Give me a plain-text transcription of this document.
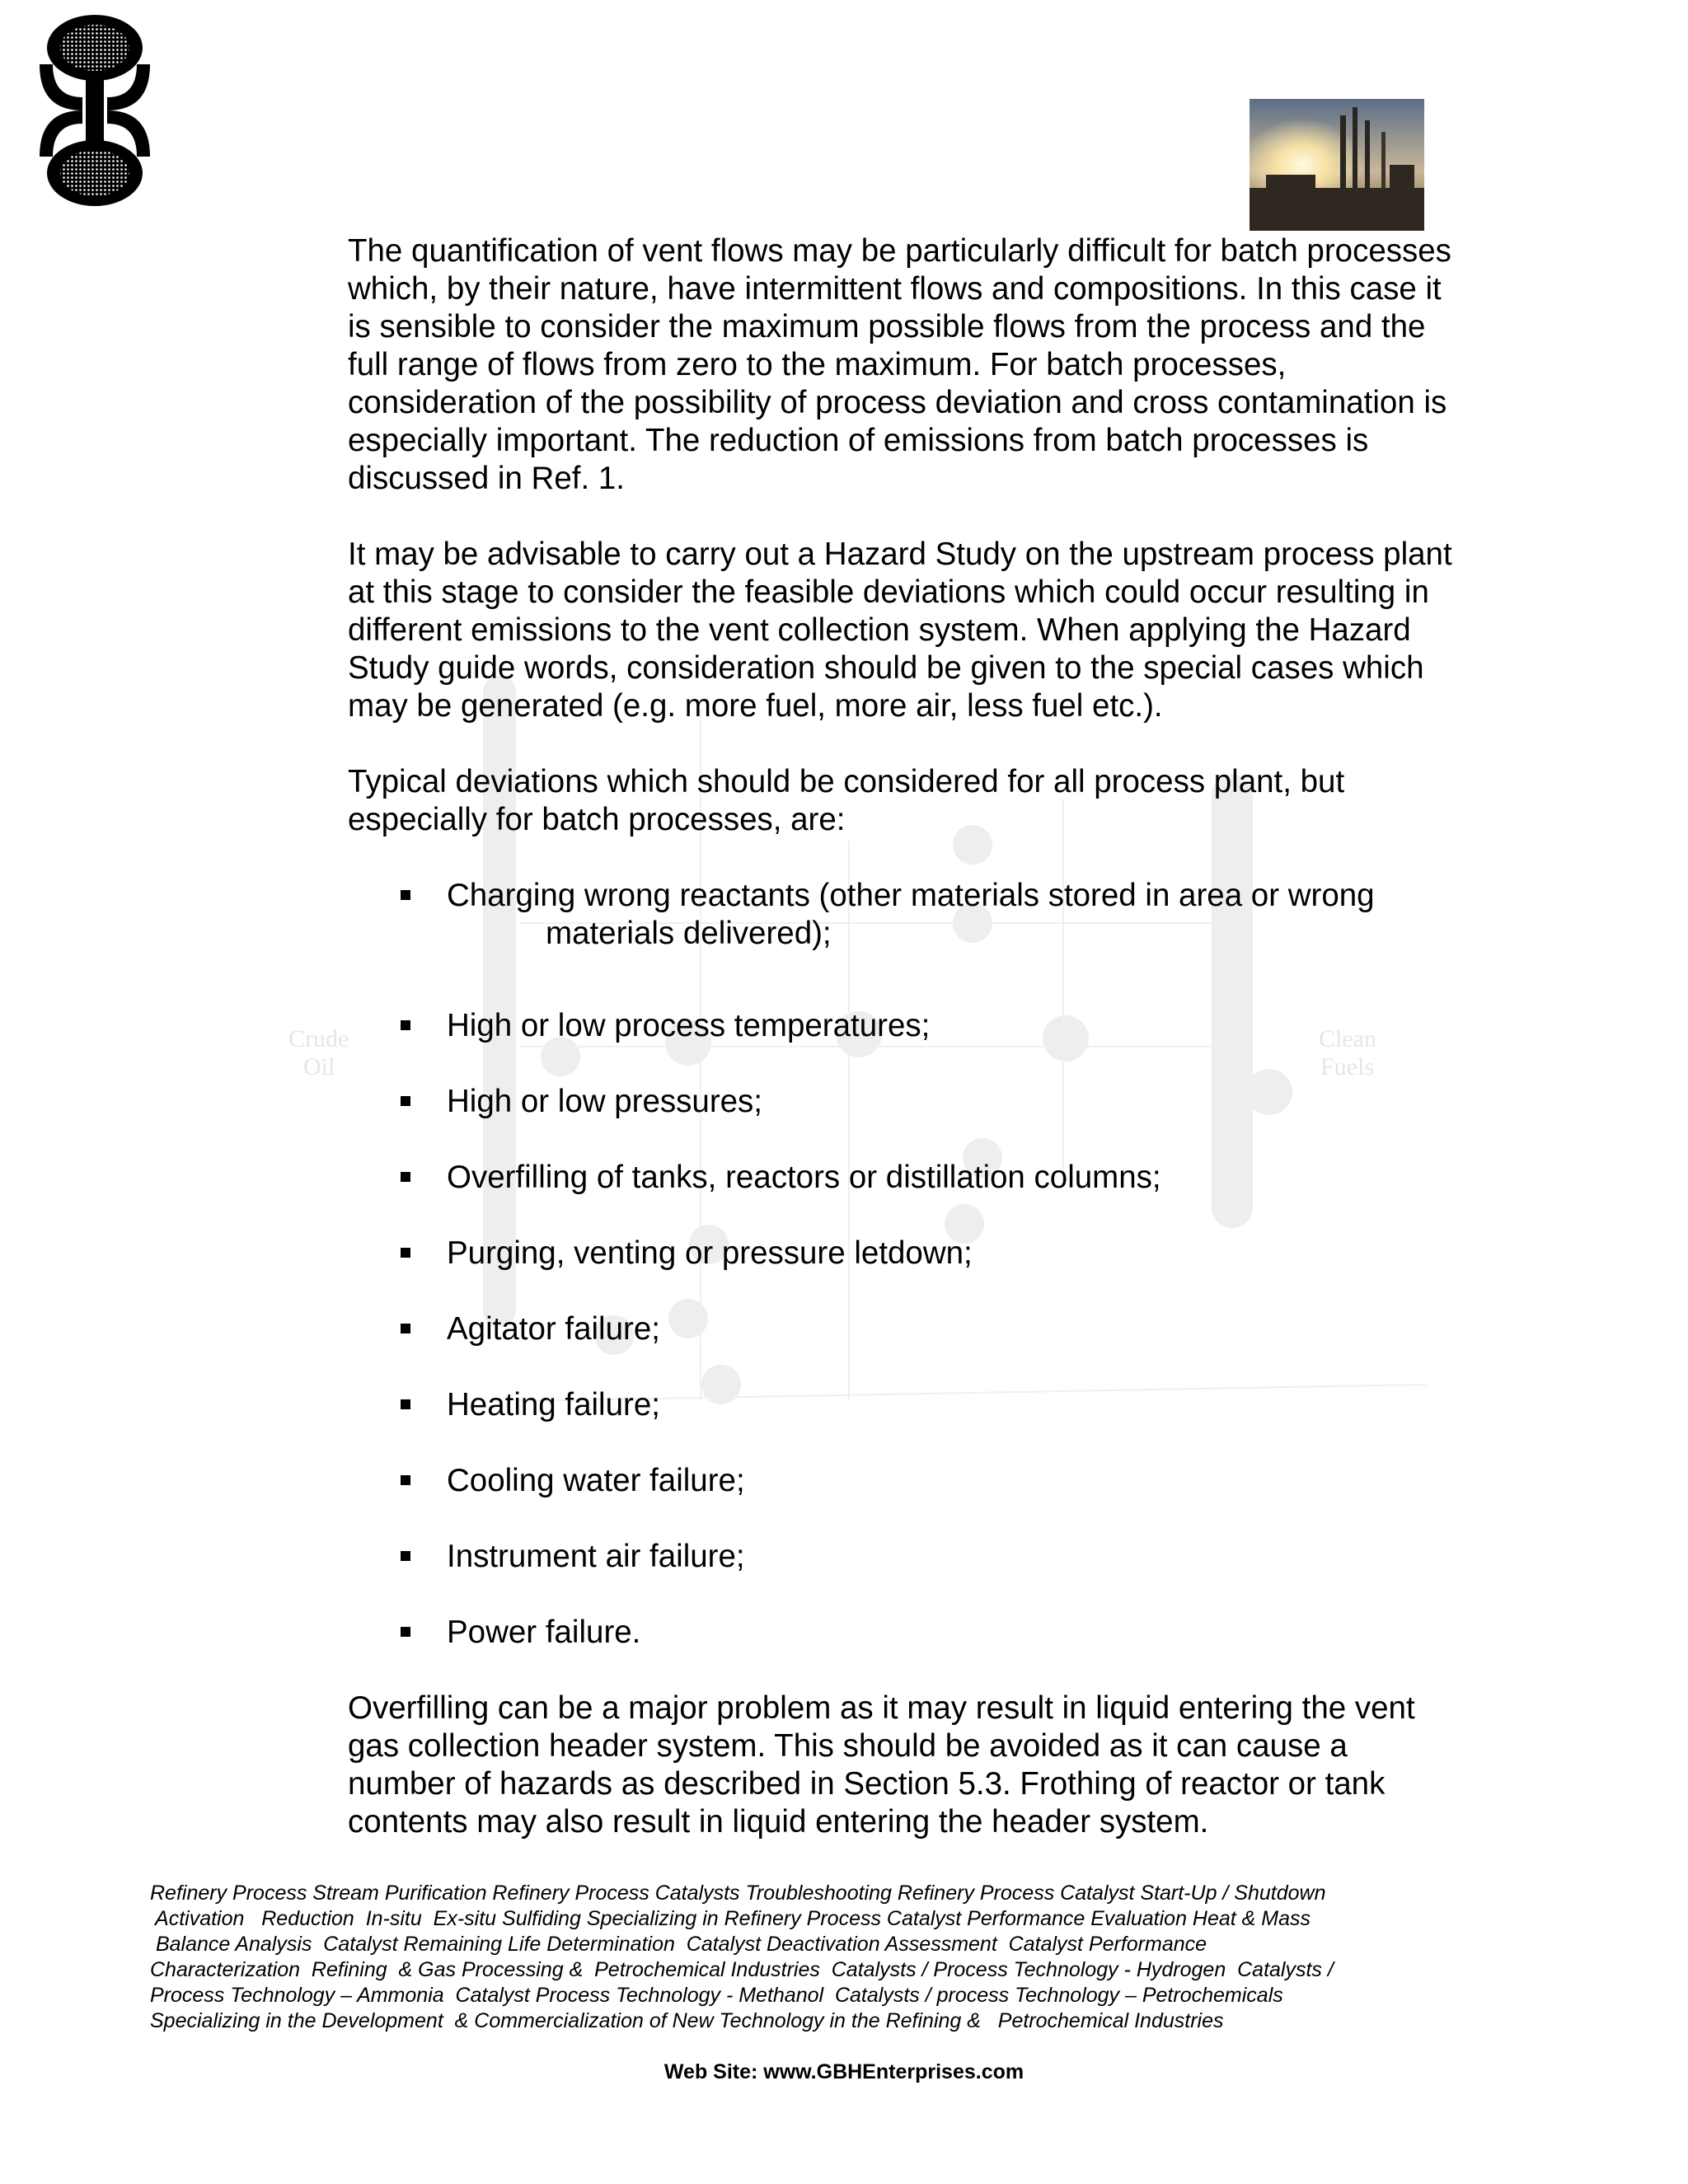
Crude
Oil
Clean
Fuels

The quantification of vent flows may be particularly difficult for batch processes which, by their nature, have intermittent flows and compositions. In this case it is sensible to consider the maximum possible flows from the process and the full range of flows from zero to the maximum. For batch processes, consideration of the possibility of process deviation and cross contamination is especially important. The reduction of emissions from batch processes is discussed in Ref. 1.

It may be advisable to carry out a Hazard Study on the upstream process plant at this stage to consider the feasible deviations which could occur resulting in different emissions to the vent collection system. When applying the Hazard Study guide words, consideration should be given to the special cases which may be generated (e.g. more fuel, more air, less fuel etc.).

Typical deviations which should be considered for all process plant, but especially for batch processes, are:

Charging wrong reactants (other materials stored in area or wrong
materials delivered);
High or low process temperatures;
High or low pressures;
Overfilling of tanks, reactors or distillation columns;
Purging, venting or pressure letdown;
Agitator failure;
Heating failure;
Cooling water failure;
Instrument air failure;
Power failure.

Overfilling can be a major problem as it may result in liquid entering the vent gas collection header system. This should be avoided as it can cause a number of hazards as described in Section 5.3. Frothing of reactor or tank contents may also result in liquid entering the header system.

Refinery Process Stream Purification Refinery Process Catalysts Troubleshooting Refinery Process Catalyst Start-Up / Shutdown
Activation   Reduction  In-situ  Ex-situ Sulfiding Specializing in Refinery Process Catalyst Performance Evaluation Heat & Mass
Balance Analysis  Catalyst Remaining Life Determination  Catalyst Deactivation Assessment  Catalyst Performance
Characterization  Refining  & Gas Processing &  Petrochemical Industries  Catalysts / Process Technology - Hydrogen  Catalysts /
Process Technology – Ammonia  Catalyst Process Technology - Methanol  Catalysts / process Technology – Petrochemicals
Specializing in the Development  & Commercialization of New Technology in the Refining &   Petrochemical Industries
Web Site: www.GBHEnterprises.com
